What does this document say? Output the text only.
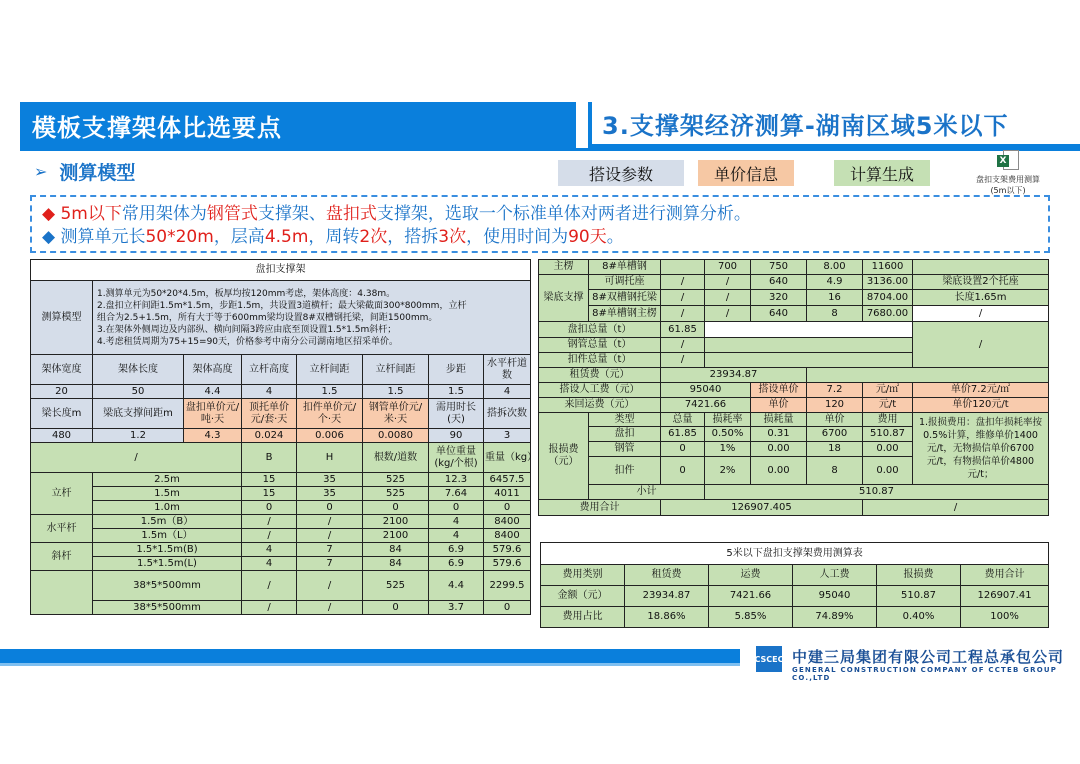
模板支撑架体比选要点	3.支撑架经济测算-湖南区域5米以下
➢ 测算模型	搭设参数	单价信息	计算生成
X
盘扣支架费用测算
(5m以下)
◆ 5m以下常用架体为钢管式支撑架、盘扣式支撑架，选取一个标准单体对两者进行测算分析。
◆ 测算单元长50*20m，层高4.5m，周转2次，搭拆3次，使用时间为90天。
盘扣支撑架							
测算模型	1.测算单元为50*20*4.5m，板厚均按120mm考虑，架体高度：4.38m。
2.盘扣立杆间距1.5m*1.5m，步距1.5m，共设置3道横杆；最大梁截面300*800mm，立杆
组合为2.5+1.5m，所有大于等于600mm梁均设置8#双槽钢托梁，间距1500mm。
3.在架体外侧周边及内部纵、横向间隔3跨应由底至顶设置1.5*1.5m斜杆；
4.考虑租赁周期为75+15=90天，价格参考中南分公司湖南地区招采单价。						

架体宽度	架体长度	架体高度	立杆高度	立杆间距	立杆间距	步距	水平杆道数
20	50	4.4	4	1.5	1.5	1.5	4
梁长度m	梁底支撑间距m	盘扣单价元/吨·天	顶托单价元/套·天	扣件单价元/个·天	钢管单价元/米·天	需用时长(天)	搭拆次数
480	1.2	4.3	0.024	0.006	0.0080	90	3
/			B	H	根数/道数	单位重量(kg/个根)	重量（kg）
立杆	2.5m		15	35	525	12.3	6457.5
	1.5m		15	35	525	7.64	4011
	1.0m		0	0	0	0	0
水平杆	1.5m（B）		/	/	2100	4	8400
	1.5m（L）		/	/	2100	4	8400
斜杆	1.5*1.5m(B)		4	7	84	6.9	579.6
	1.5*1.5m(L)		4	7	84	6.9	579.6
	38*5*500mm		/	/	525	4.4	2299.5
	38*5*500mm		/	/	0	3.7	0
主楞	8#单槽钢		700	750	8.00	11600	
梁底支撑	可调托座	/	/	640	4.9	3136.00	梁底设置2个托座
	8#双槽钢托梁	/	/	320	16	8704.00	长度1.65m
	8#单槽钢主楞	/	/	640	8	7680.00	/
盘扣总量（t）		61.85					/
钢管总量（t）		/					
扣件总量（t）		/					
租赁费（元）		23934.87					
搭设人工费（元）		95040		搭设单价	7.2	元/㎡	单价7.2元/㎡
来回运费（元）		7421.66		单价	120	元/t	单价120元/t
报损费（元）	类型	总量	损耗率	损耗量	单价	费用	1.报损费用：盘扣年损耗率按0.5%计算，维修单价1400元/t，无物损信单价6700元/t，有物损信单价4800元/t；
	盘扣	61.85	0.50%	0.31	6700	510.87	
	钢管	0	1%	0.00	18	0.00	
	扣件	0	2%	0.00	8	0.00	
	小计		510.87				
费用合计		126907.405				/	
5米以下盘扣支撑架费用测算表					
费用类别	租赁费	运费	人工费	报损费	费用合计
金额（元）	23934.87	7421.66	95040	510.87	126907.41
费用占比	18.86%	5.85%	74.89%	0.40%	100%
CSCEC 中建三局集团有限公司工程总承包公司
GENERAL CONSTRUCTION COMPANY OF CCTEB GROUP CO.,LTD
